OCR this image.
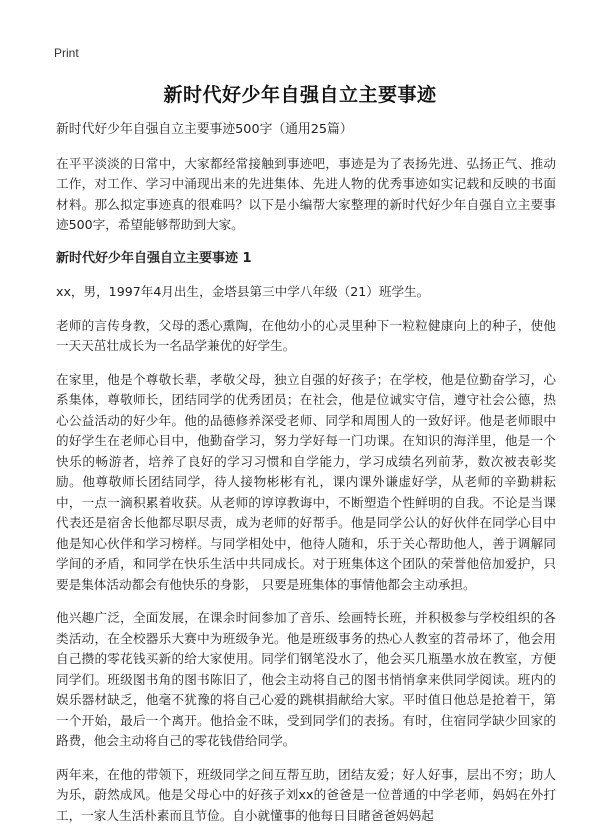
Print
新时代好少年自强自立主要事迹

新时代好少年自强自立主要事迹500字（通用25篇）

在平平淡淡的日常中，大家都经常接触到事迹吧，事迹是为了表扬先进、弘扬正气、推动工作，对工作、学习中涌现出来的先进集体、先进人物的优秀事迹如实记载和反映的书面材料。那么拟定事迹真的很难吗？以下是小编帮大家整理的新时代好少年自强自立主要事迹500字，希望能够帮助到大家。

新时代好少年自强自立主要事迹 1

xx，男，1997年4月出生，金塔县第三中学八年级（21）班学生。

老师的言传身教，父母的悉心熏陶，在他幼小的心灵里种下一粒粒健康向上的种子，使他一天天茁壮成长为一名品学兼优的好学生。

在家里，他是个尊敬长辈，孝敬父母，独立自强的好孩子；在学校，他是位勤奋学习，心系集体，尊敬师长，团结同学的优秀团员；在社会，他是位诚实守信，遵守社会公德，热心公益活动的好少年。他的品德修养深受老师、同学和周围人的一致好评。他是老师眼中的好学生在老师心目中，他勤奋学习，努力学好每一门功课。在知识的海洋里，他是一个快乐的畅游者，培养了良好的学习习惯和自学能力，学习成绩名列前茅，数次被表彰奖励。他尊敬师长团结同学，待人接物彬彬有礼，课内课外谦虚好学，从老师的辛勤耕耘中，一点一滴积累着收获。从老师的谆谆教诲中，不断塑造个性鲜明的自我。不论是当课代表还是宿舍长他都尽职尽责，成为老师的好帮手。他是同学公认的好伙伴在同学心目中他是知心伙伴和学习榜样。与同学相处中，他待人随和，乐于关心帮助他人，善于调解同学间的矛盾，和同学在快乐生活中共同成长。对于班集体这个团队的荣誉他倍加爱护，只要是集体活动都会有他快乐的身影， 只要是班集体的事情他都会主动承担。

他兴趣广泛，全面发展，在课余时间参加了音乐、绘画特长班，并积极参与学校组织的各类活动，在全校器乐大赛中为班级争光。他是班级事务的热心人教室的苕帚坏了，他会用自己攒的零花钱买新的给大家使用。同学们钢笔没水了，他会买几瓶墨水放在教室，方便同学们。班级图书角的图书陈旧了，他会主动将自己的图书悄悄拿来供同学阅读。班内的娱乐器材缺乏，他毫不犹豫的将自己心爱的跳棋捐献给大家。平时值日他总是抢着干，第一个开始，最后一个离开。他拾金不昧，受到同学们的表扬。有时，住宿同学缺少回家的路费，他会主动将自己的零花钱借给同学。

两年来，在他的带领下，班级同学之间互帮互助，团结友爱；好人好事，层出不穷；助人为乐，蔚然成风。他是父母心中的好孩子刘xx的爸爸是一位普通的中学老师，妈妈在外打工，一家人生活朴素而且节俭。自小就懂事的他每日目睹爸爸妈妈起
